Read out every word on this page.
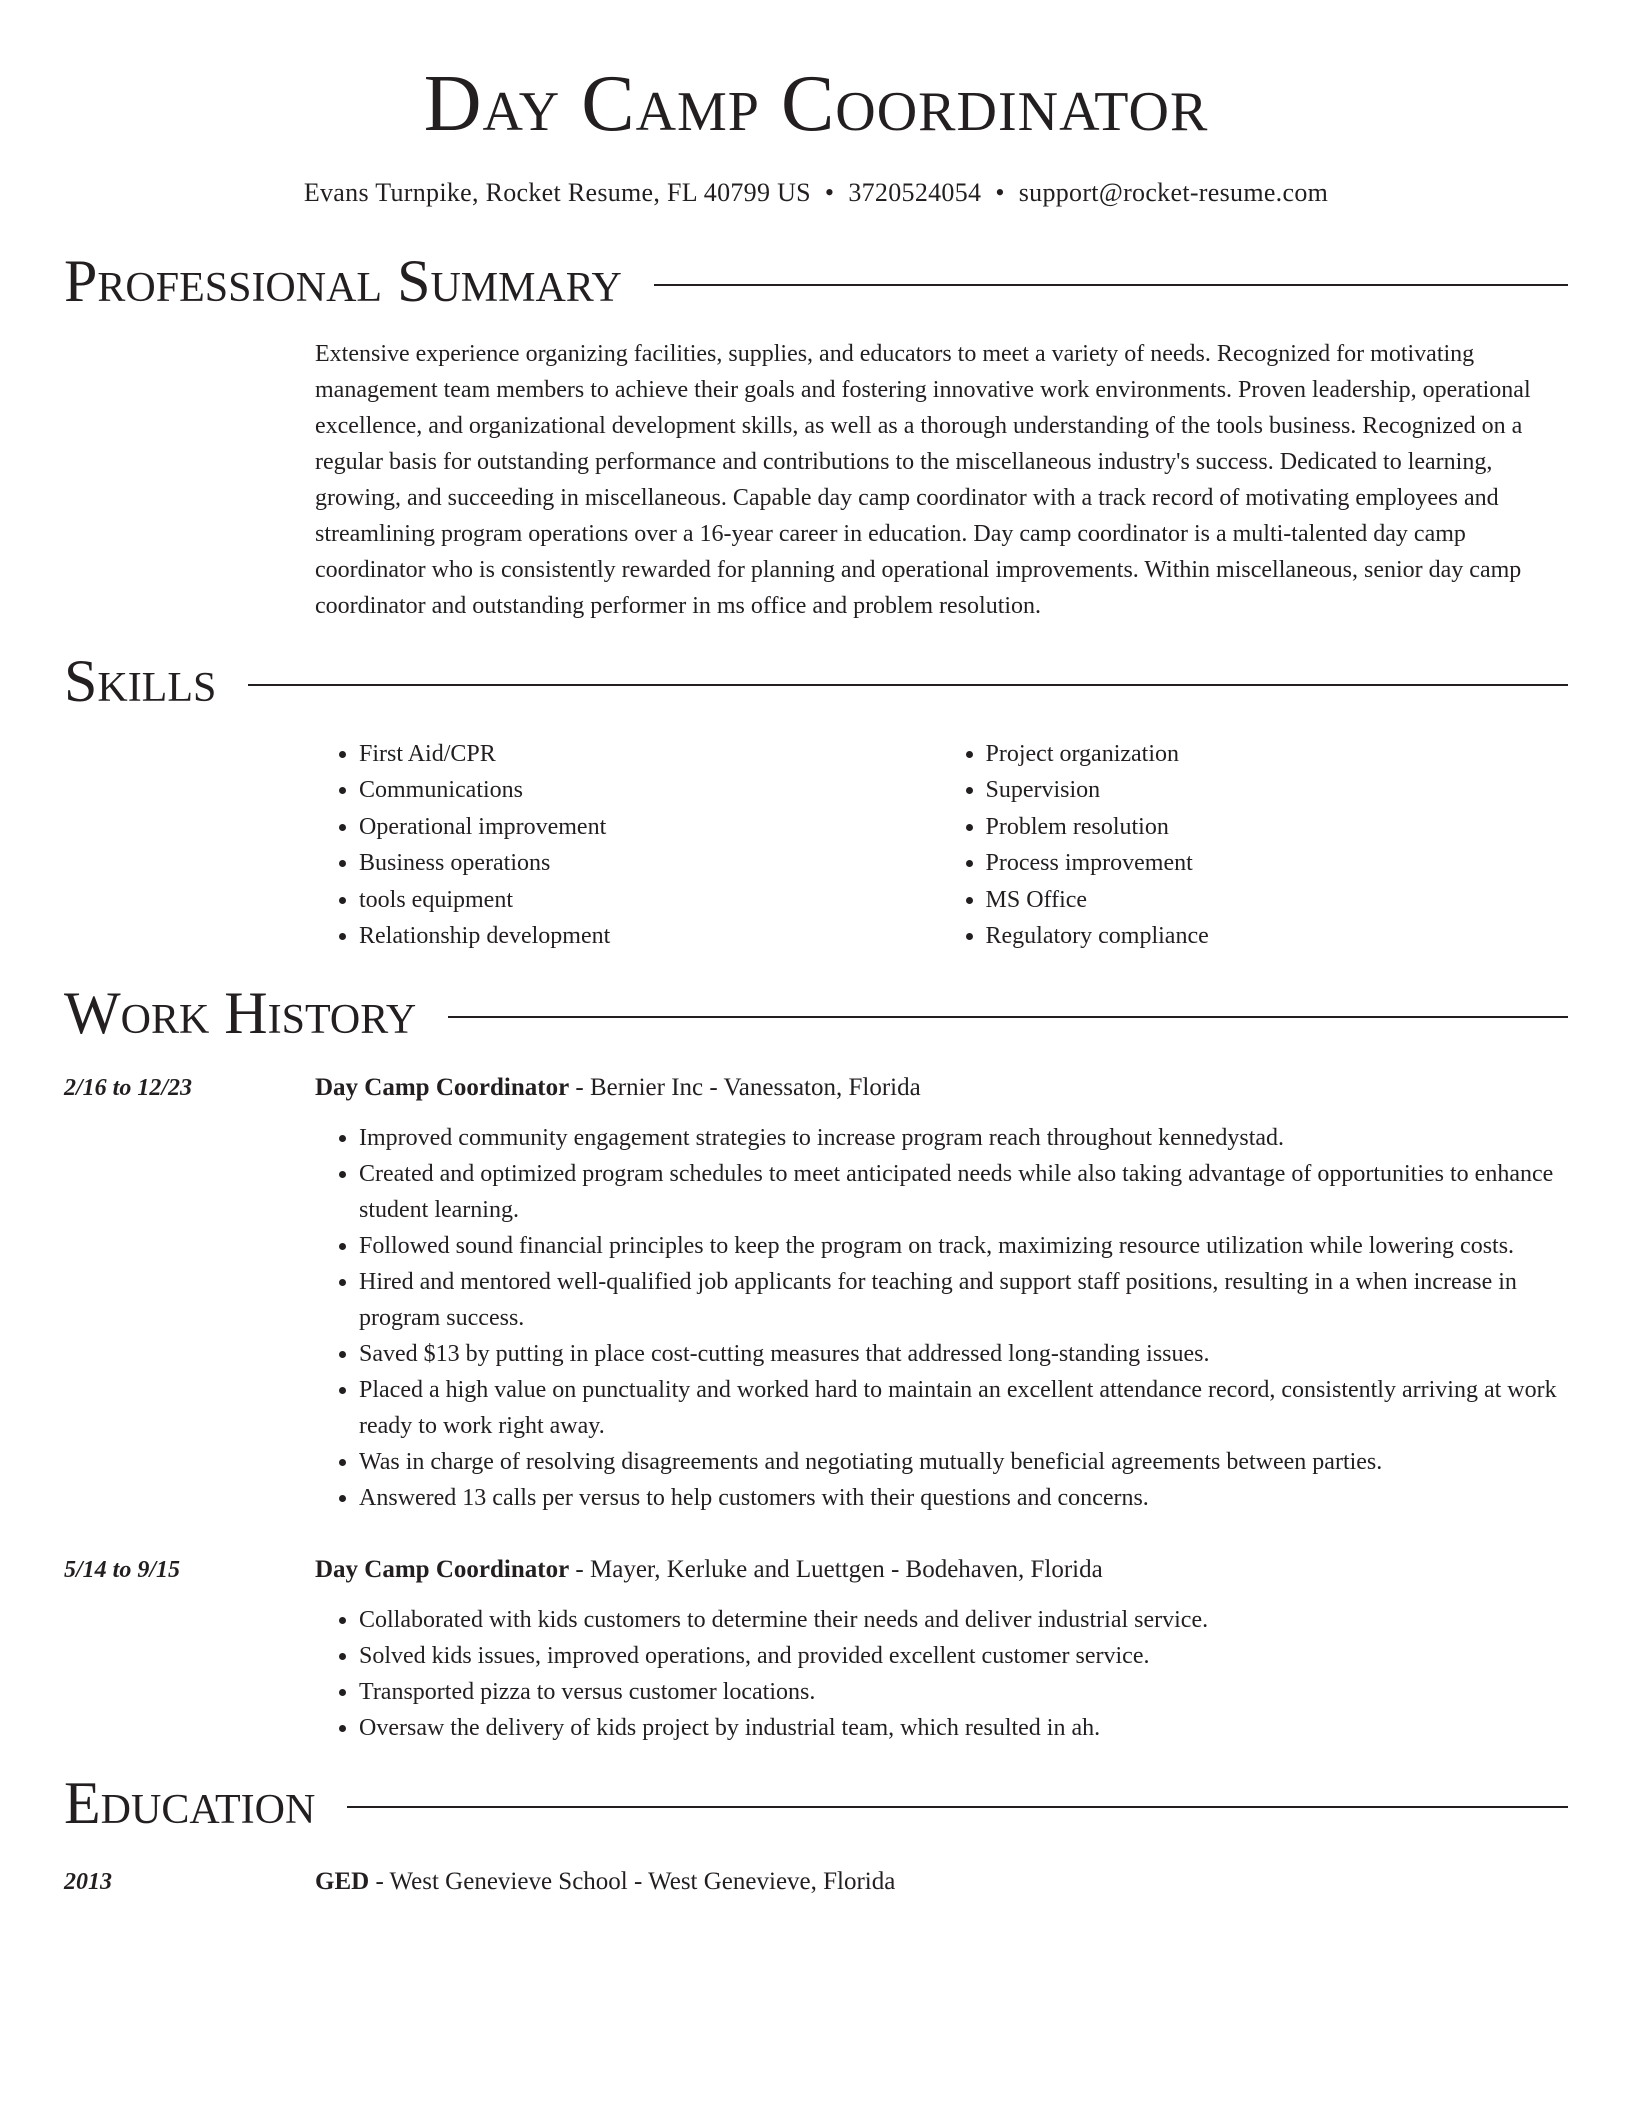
Day Camp Coordinator
Evans Turnpike, Rocket Resume, FL 40799 US • 3720524054 • support@rocket-resume.com
Professional Summary
Extensive experience organizing facilities, supplies, and educators to meet a variety of needs. Recognized for motivating management team members to achieve their goals and fostering innovative work environments. Proven leadership, operational excellence, and organizational development skills, as well as a thorough understanding of the tools business. Recognized on a regular basis for outstanding performance and contributions to the miscellaneous industry's success. Dedicated to learning, growing, and succeeding in miscellaneous. Capable day camp coordinator with a track record of motivating employees and streamlining program operations over a 16-year career in education. Day camp coordinator is a multi-talented day camp coordinator who is consistently rewarded for planning and operational improvements. Within miscellaneous, senior day camp coordinator and outstanding performer in ms office and problem resolution.
Skills
• First Aid/CPR
• Communications
• Operational improvement
• Business operations
• tools equipment
• Relationship development
• Project organization
• Supervision
• Problem resolution
• Process improvement
• MS Office
• Regulatory compliance
Work History
2/16 to 12/23	Day Camp Coordinator - Bernier Inc - Vanessaton, Florida
• Improved community engagement strategies to increase program reach throughout kennedystad.
• Created and optimized program schedules to meet anticipated needs while also taking advantage of opportunities to enhance student learning.
• Followed sound financial principles to keep the program on track, maximizing resource utilization while lowering costs.
• Hired and mentored well-qualified job applicants for teaching and support staff positions, resulting in a when increase in program success.
• Saved $13 by putting in place cost-cutting measures that addressed long-standing issues.
• Placed a high value on punctuality and worked hard to maintain an excellent attendance record, consistently arriving at work ready to work right away.
• Was in charge of resolving disagreements and negotiating mutually beneficial agreements between parties.
• Answered 13 calls per versus to help customers with their questions and concerns.
5/14 to 9/15	Day Camp Coordinator - Mayer, Kerluke and Luettgen - Bodehaven, Florida
• Collaborated with kids customers to determine their needs and deliver industrial service.
• Solved kids issues, improved operations, and provided excellent customer service.
• Transported pizza to versus customer locations.
• Oversaw the delivery of kids project by industrial team, which resulted in ah.
Education
2013	GED - West Genevieve School - West Genevieve, Florida
